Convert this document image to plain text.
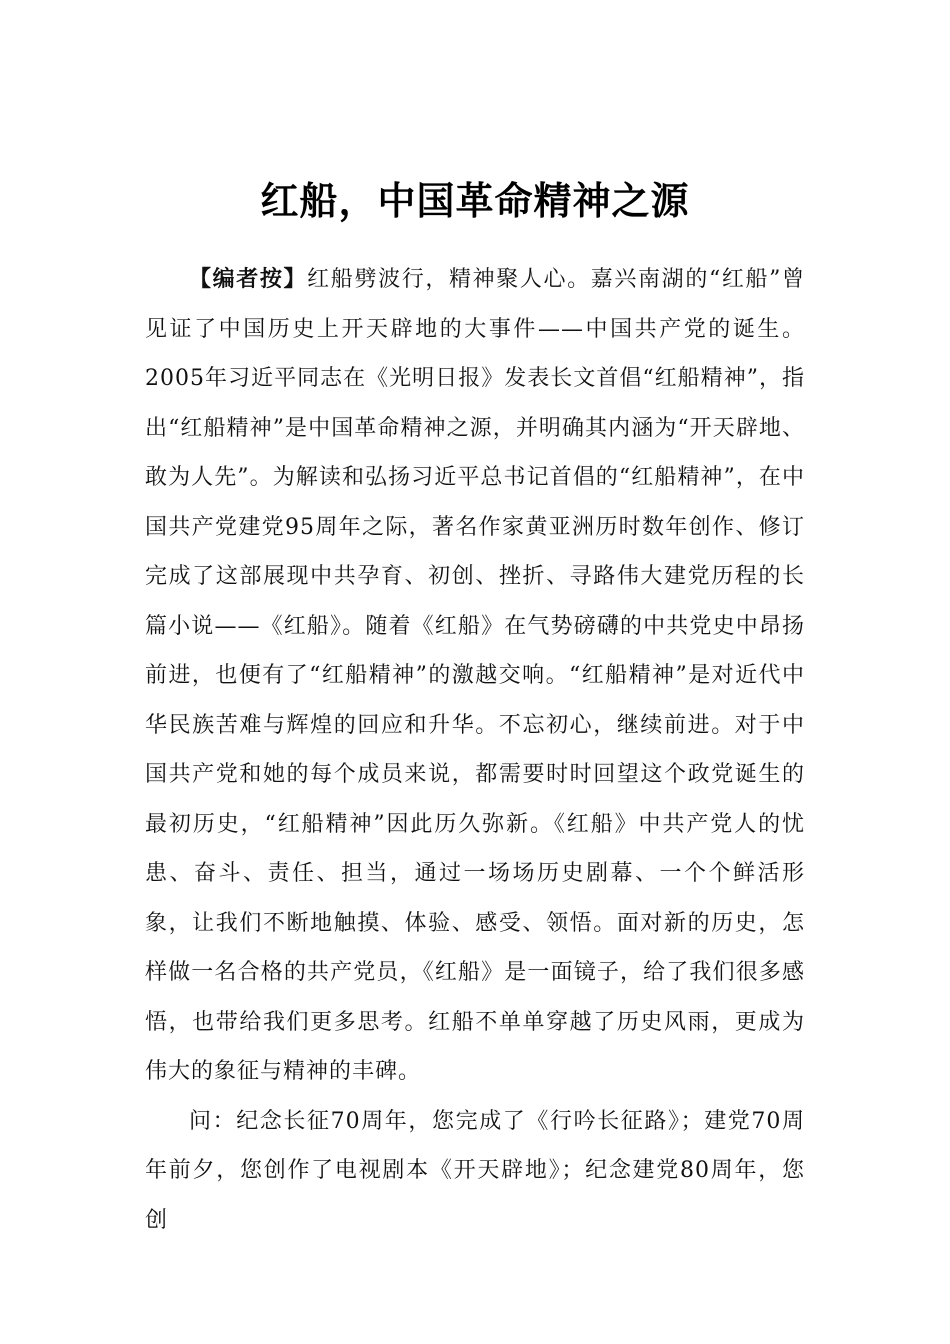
红船，中国革命精神之源

【编者按】红船劈波行，精神聚人心。嘉兴南湖的“红船”曾见证了中国历史上开天辟地的大事件——中国共产党的诞生。2005年习近平同志在《光明日报》发表长文首倡“红船精神”，指出“红船精神”是中国革命精神之源，并明确其内涵为“开天辟地、敢为人先”。为解读和弘扬习近平总书记首倡的“红船精神”，在中国共产党建党95周年之际，著名作家黄亚洲历时数年创作、修订完成了这部展现中共孕育、初创、挫折、寻路伟大建党历程的长篇小说——《红船》。随着《红船》在气势磅礴的中共党史中昂扬前进，也便有了“红船精神”的激越交响。“红船精神”是对近代中华民族苦难与辉煌的回应和升华。不忘初心，继续前进。对于中国共产党和她的每个成员来说，都需要时时回望这个政党诞生的最初历史，“红船精神”因此历久弥新。《红船》中共产党人的忧患、奋斗、责任、担当，通过一场场历史剧幕、一个个鲜活形象，让我们不断地触摸、体验、感受、领悟。面对新的历史，怎样做一名合格的共产党员，《红船》是一面镜子，给了我们很多感悟，也带给我们更多思考。红船不单单穿越了历史风雨，更成为伟大的象征与精神的丰碑。

问：纪念长征70周年，您完成了《行吟长征路》；建党70周年前夕，您创作了电视剧本《开天辟地》；纪念建党80周年，您创
